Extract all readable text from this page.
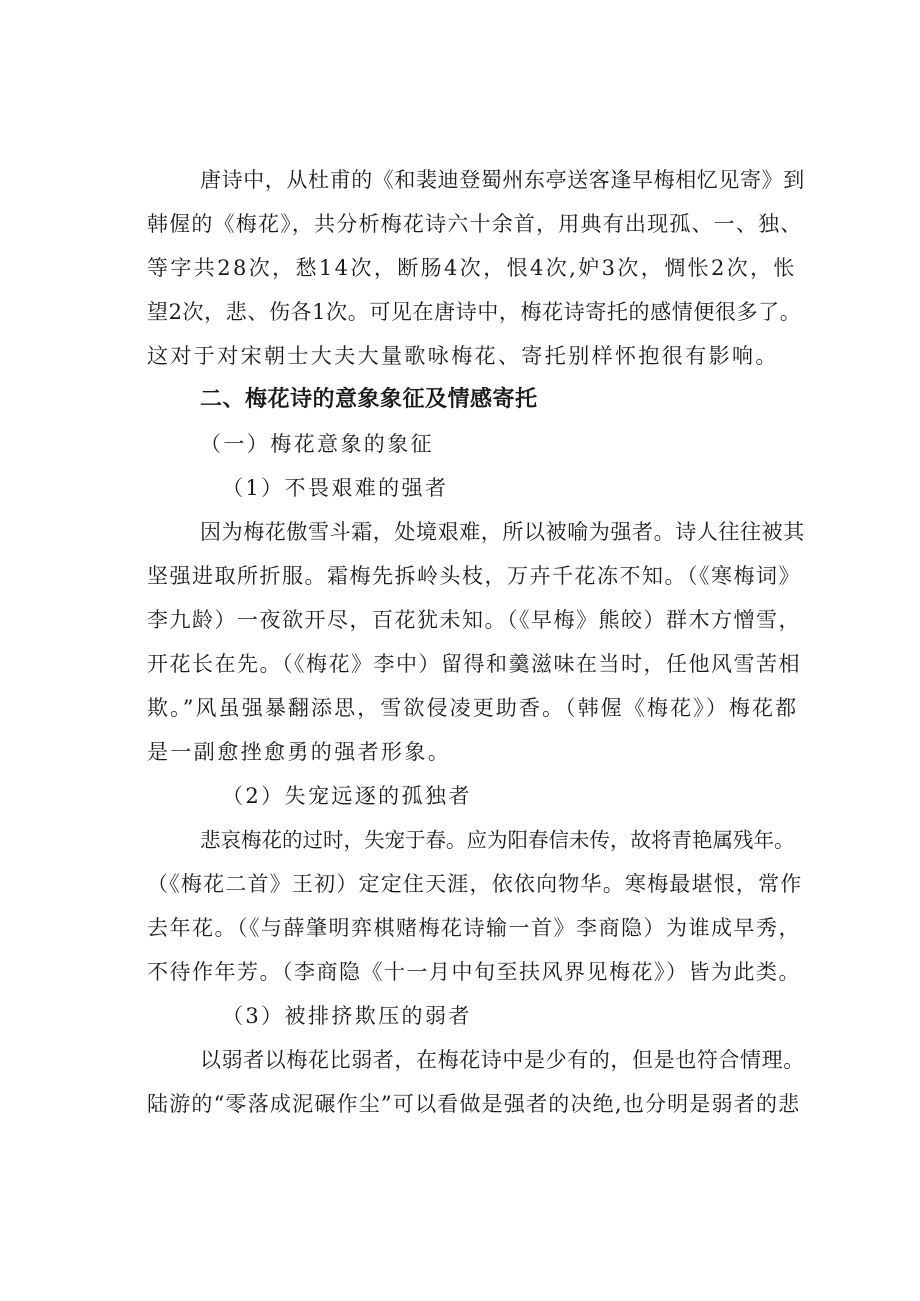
唐诗中，从杜甫的《和裴迪登蜀州东亭送客逢早梅相忆见寄》到
韩偓的《梅花》，共分析梅花诗六十余首，用典有出现孤、一、独、
等字共28次，愁14次，断肠4次，恨4次,妒3次，惆怅2次，怅
望2次，悲、伤各1次。可见在唐诗中，梅花诗寄托的感情便很多了。
这对于对宋朝士大夫大量歌咏梅花、寄托别样怀抱很有影响。
二、梅花诗的意象象征及情感寄托
（一）梅花意象的象征
（1）不畏艰难的强者
因为梅花傲雪斗霜，处境艰难，所以被喻为强者。诗人往往被其
坚强进取所折服。霜梅先拆岭头枝，万卉千花冻不知。（《寒梅词》
李九龄）一夜欲开尽，百花犹未知。（《早梅》熊皎）群木方憎雪，
开花长在先。（《梅花》李中）留得和羹滋味在当时，任他风雪苦相
欺。”风虽强暴翻添思，雪欲侵凌更助香。（韩偓《梅花》）梅花都
是一副愈挫愈勇的强者形象。
（2）失宠远逐的孤独者
悲哀梅花的过时，失宠于春。应为阳春信未传，故将青艳属残年。
（《梅花二首》王初）定定住天涯，依依向物华。寒梅最堪恨，常作
去年花。（《与薛肇明弈棋赌梅花诗输一首》李商隐）为谁成早秀，
不待作年芳。（李商隐《十一月中旬至扶风界见梅花》）皆为此类。
（3）被排挤欺压的弱者
以弱者以梅花比弱者，在梅花诗中是少有的，但是也符合情理。
陆游的“零落成泥碾作尘”可以看做是强者的决绝,也分明是弱者的悲
